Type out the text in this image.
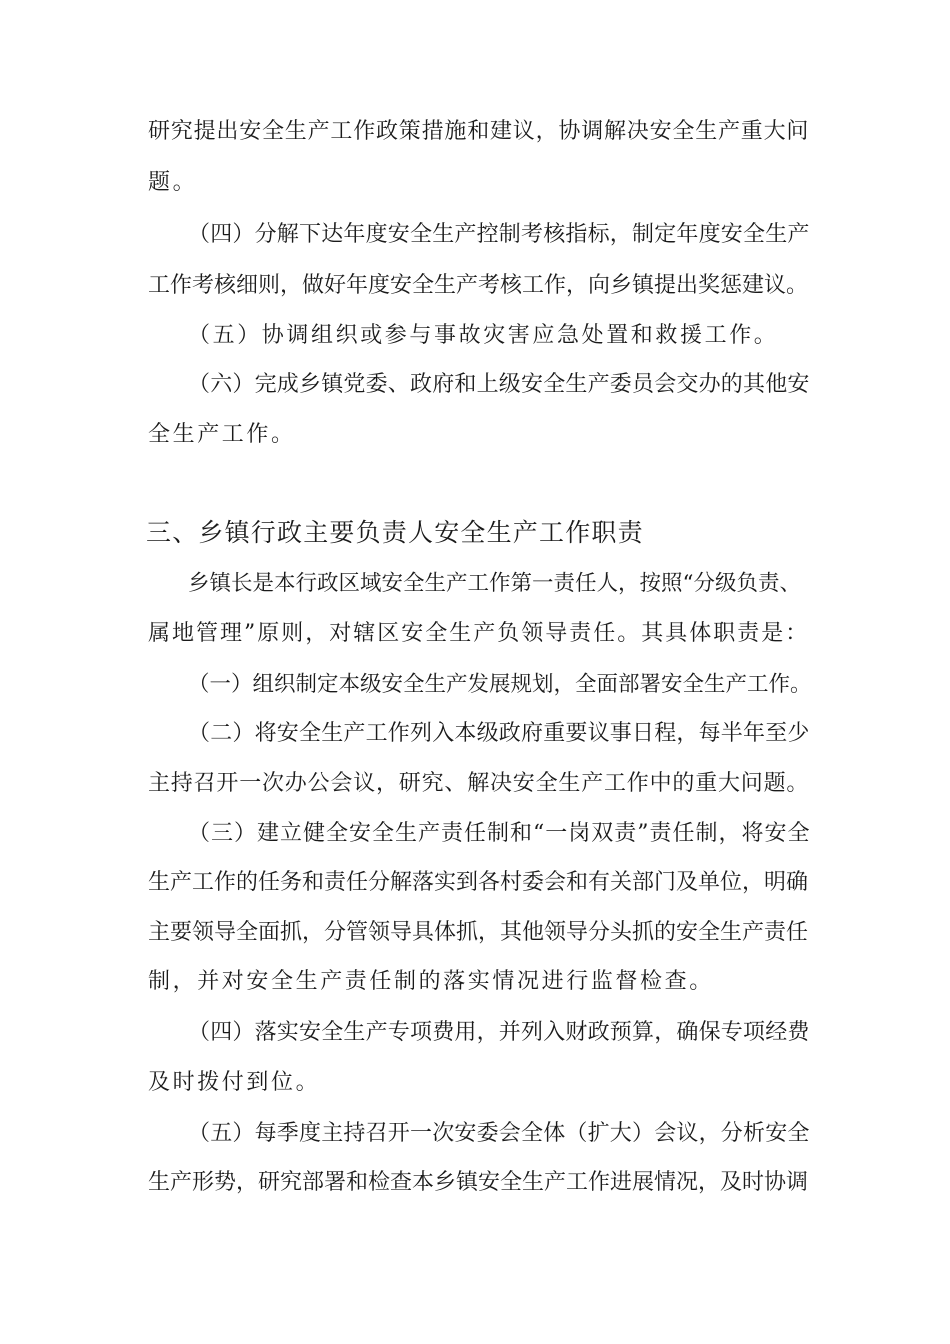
研究提出安全生产工作政策措施和建议，协调解决安全生产重大问
题。
（四）分解下达年度安全生产控制考核指标，制定年度安全生产
工作考核细则，做好年度安全生产考核工作，向乡镇提出奖惩建议。
（五）协调组织或参与事故灾害应急处置和救援工作。
（六）完成乡镇党委、政府和上级安全生产委员会交办的其他安
全生产工作。
三、乡镇行政主要负责人安全生产工作职责
乡镇长是本行政区域安全生产工作第一责任人，按照“分级负责、
属地管理”原则，对辖区安全生产负领导责任。其具体职责是：
（一）组织制定本级安全生产发展规划，全面部署安全生产工作。
（二）将安全生产工作列入本级政府重要议事日程，每半年至少
主持召开一次办公会议，研究、解决安全生产工作中的重大问题。
（三）建立健全安全生产责任制和“一岗双责”责任制，将安全
生产工作的任务和责任分解落实到各村委会和有关部门及单位，明确
主要领导全面抓，分管领导具体抓，其他领导分头抓的安全生产责任
制，并对安全生产责任制的落实情况进行监督检查。
（四）落实安全生产专项费用，并列入财政预算，确保专项经费
及时拨付到位。
（五）每季度主持召开一次安委会全体（扩大）会议，分析安全
生产形势，研究部署和检查本乡镇安全生产工作进展情况，及时协调
